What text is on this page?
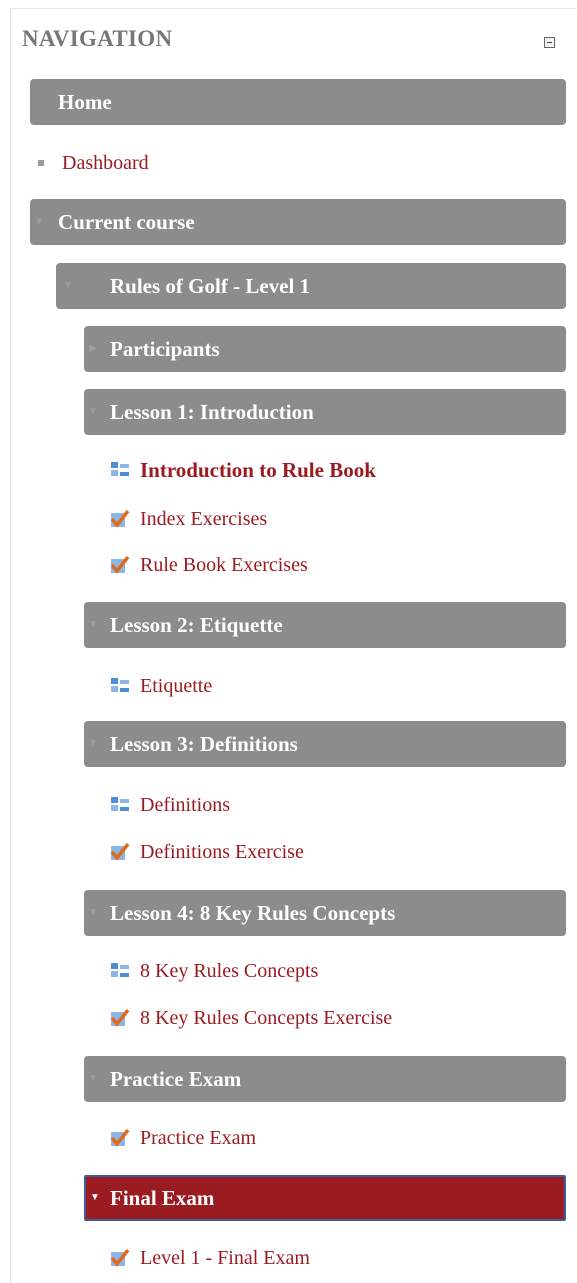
NAVIGATION
Home
Dashboard
▼ Current course
▼ Rules of Golf - Level 1
▶ Participants
▼ Lesson 1: Introduction
Introduction to Rule Book
Index Exercises
Rule Book Exercises
▼ Lesson 2: Etiquette
Etiquette
▼ Lesson 3: Definitions
Definitions
Definitions Exercise
▼ Lesson 4: 8 Key Rules Concepts
8 Key Rules Concepts
8 Key Rules Concepts Exercise
▼ Practice Exam
Practice Exam
▼ Final Exam
Level 1 - Final Exam
